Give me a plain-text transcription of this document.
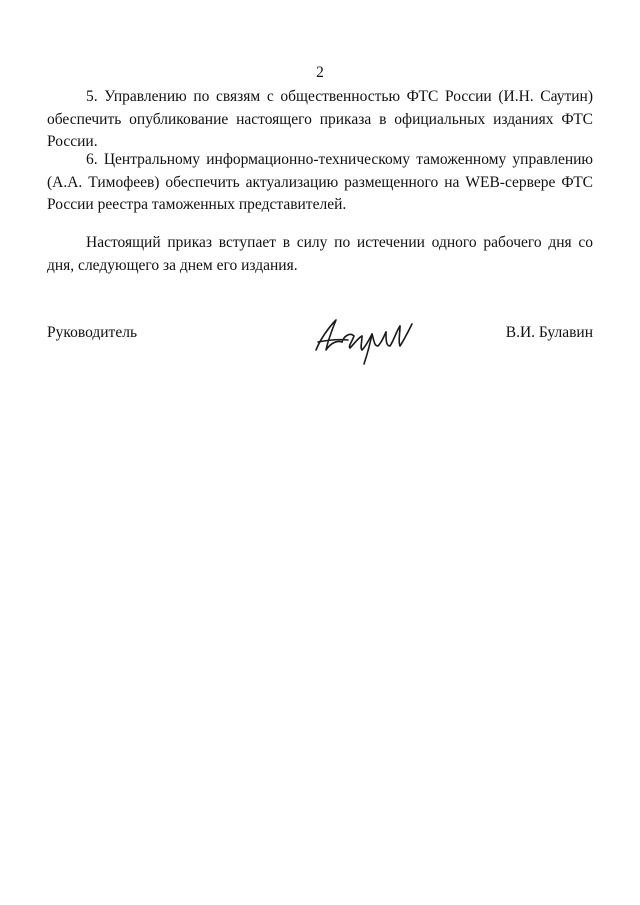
2

5. Управлению по связям с общественностью ФТС России (И.Н. Саутин) обеспечить опубликование настоящего приказа в официальных изданиях ФТС России.

6. Центральному информационно-техническому таможенному управлению (А.А. Тимофеев) обеспечить актуализацию размещенного на WEB-сервере ФТС России реестра таможенных представителей.

Настоящий приказ вступает в силу по истечении одного рабочего дня со дня, следующего за днем его издания.

Руководитель	В.И. Булавин
